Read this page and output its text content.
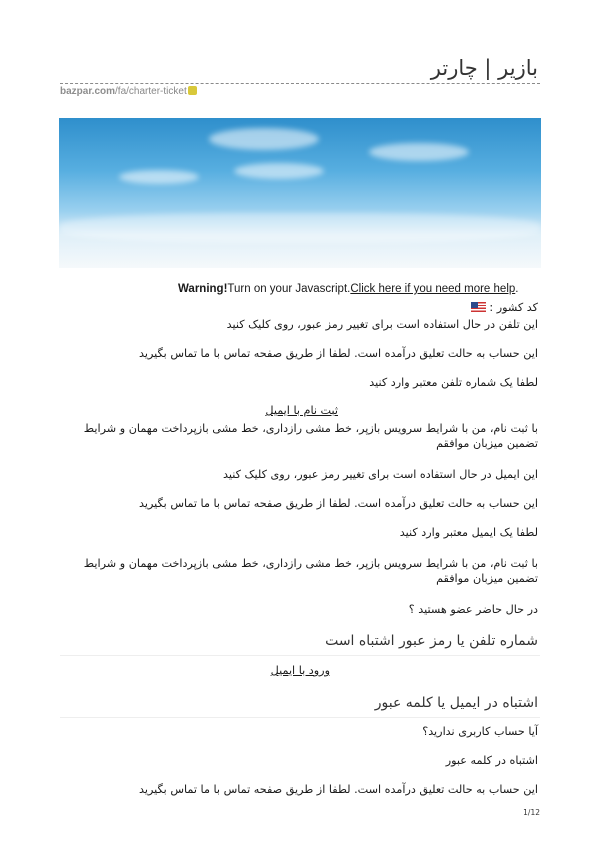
بازیر | چارتر
bazpar.com/fa/charter-ticket
Warning!Turn on your Javascript.Click here if you need more help.
کد کشور :
این تلفن در حال استفاده است برای تغییر رمز عبور، روی کلیک کنید
این حساب به حالت تعلیق درآمده است. لطفا از طریق صفحه تماس با ما تماس بگیرید
لطفا یک شماره تلفن معتبر وارد کنید
ثبت نام با ایمیل
با ثبت نام، من با شرایط سرویس بازپر، خط مشی رازداری، خط مشی بازپرداخت مهمان و شرایط
تضمین میزبان موافقم
این ایمیل در حال استفاده است برای تغییر رمز عبور، روی کلیک کنید
این حساب به حالت تعلیق درآمده است. لطفا از طریق صفحه تماس با ما تماس بگیرید
لطفا یک ایمیل معتبر وارد کنید
با ثبت نام، من با شرایط سرویس بازپر، خط مشی رازداری، خط مشی بازپرداخت مهمان و شرایط
تضمین میزبان موافقم
در حال حاضر عضو هستید ؟
شماره تلفن یا رمز عبور اشتباه است
ورود با ایمیل
اشتباه در ایمیل یا کلمه عبور
آیا حساب کاربری ندارید؟
اشتباه در کلمه عبور
این حساب به حالت تعلیق درآمده است. لطفا از طریق صفحه تماس با ما تماس بگیرید
1/12
